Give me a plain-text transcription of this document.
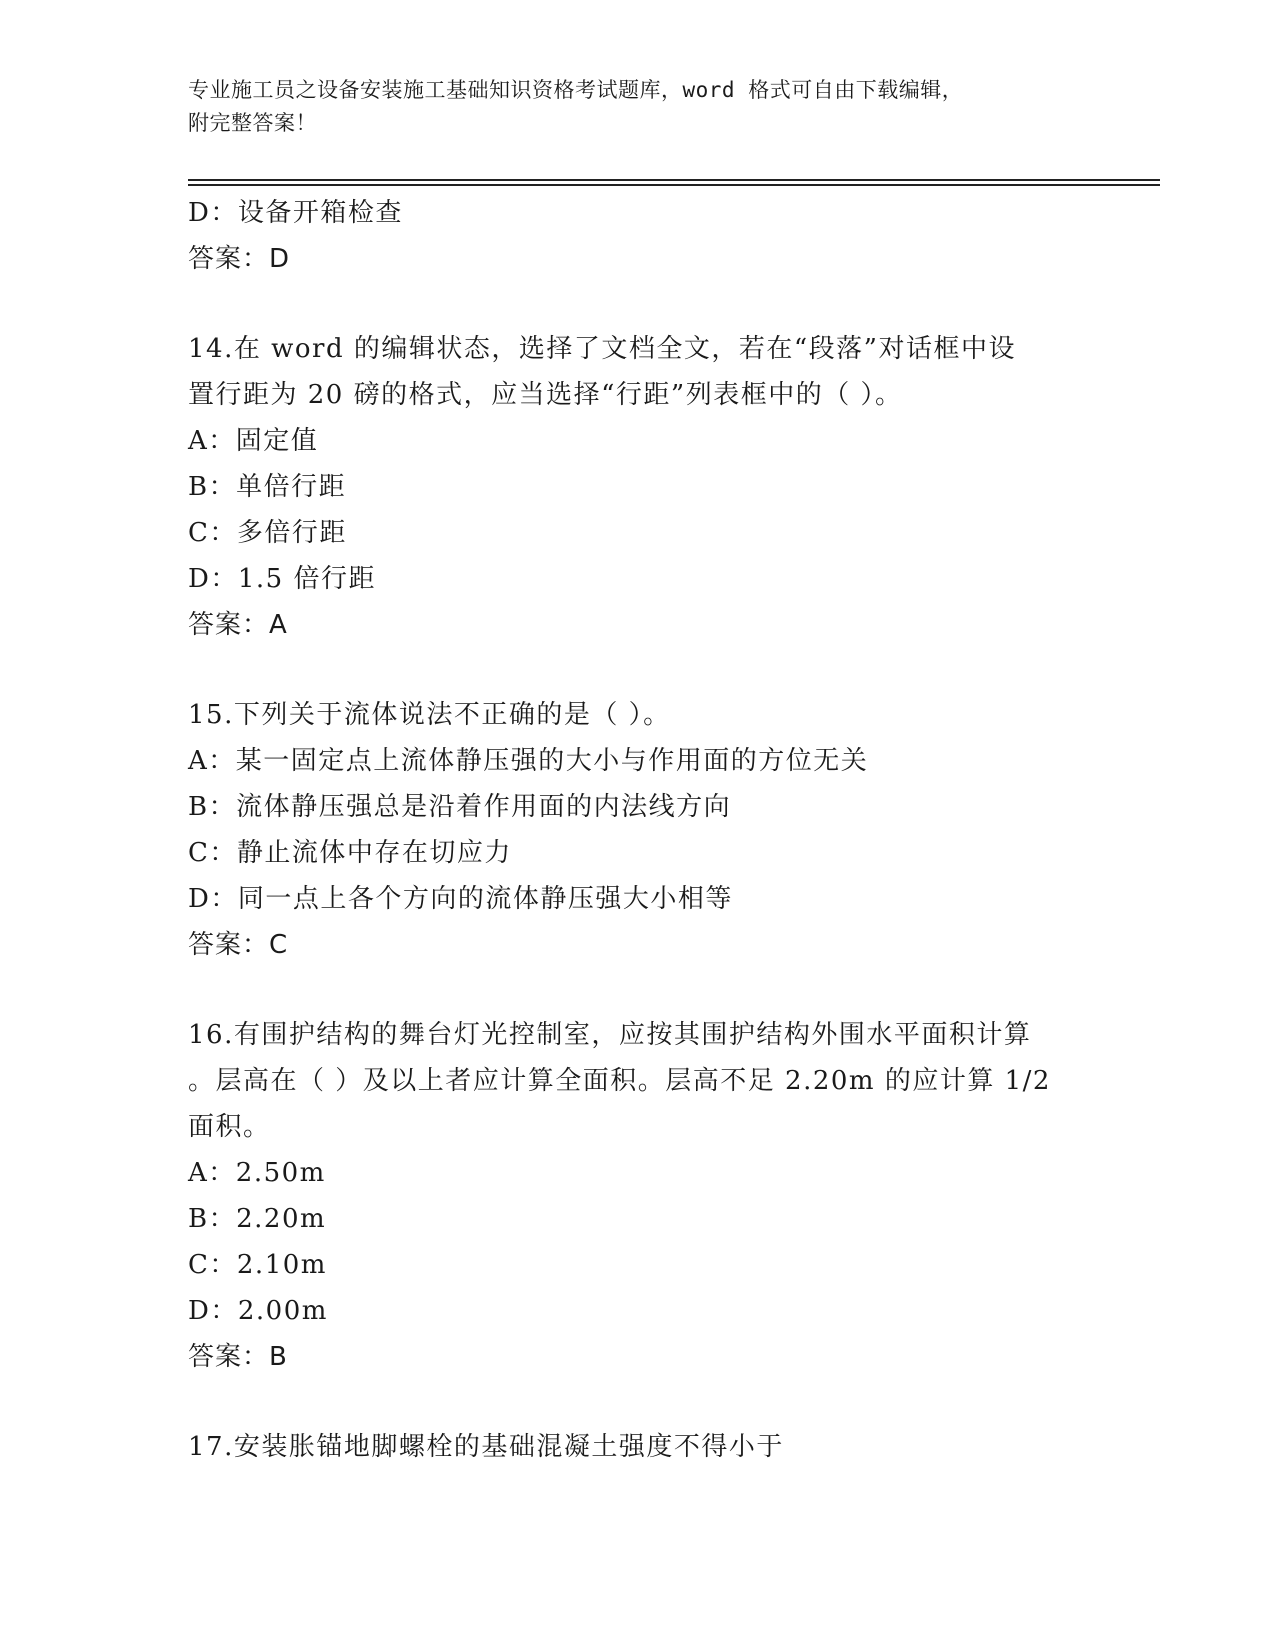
专业施工员之设备安装施工基础知识资格考试题库，word 格式可自由下载编辑，
附完整答案！
D：设备开箱检查
答案：D
14.在 word 的编辑状态，选择了文档全文，若在“段落”对话框中设
置行距为 20 磅的格式，应当选择“行距”列表框中的（ ）。
A：固定值
B：单倍行距
C：多倍行距
D：1.5 倍行距
答案：A
15.下列关于流体说法不正确的是（ ）。
A：某一固定点上流体静压强的大小与作用面的方位无关
B：流体静压强总是沿着作用面的内法线方向
C：静止流体中存在切应力
D：同一点上各个方向的流体静压强大小相等
答案：C
16.有围护结构的舞台灯光控制室，应按其围护结构外围水平面积计算
。层高在（ ）及以上者应计算全面积。层高不足 2.20m 的应计算 1/2
面积。
A：2.50m
B：2.20m
C：2.10m
D：2.00m
答案：B
17.安装胀锚地脚螺栓的基础混凝土强度不得小于
